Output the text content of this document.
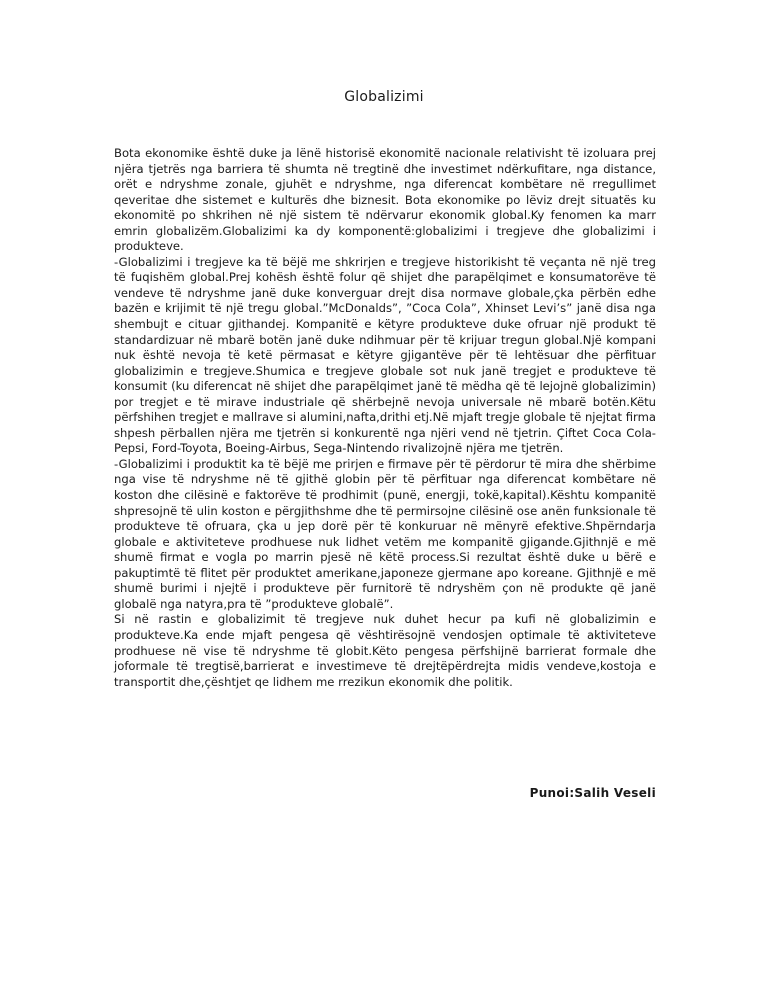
Globalizimi

Bota ekonomike është duke ja lënë historisë ekonomitë nacionale relativisht të izoluara prej njëra tjetrës nga barriera të shumta në tregtinë dhe investimet ndërkufitare, nga distance, orët e ndryshme zonale, gjuhët e ndryshme, nga diferencat kombëtare në rregullimet qeveritae dhe sistemet e kulturës dhe biznesit. Bota ekonomike po lëviz drejt situatës ku ekonomitë po shkrihen në një sistem të ndërvarur ekonomik global.Ky fenomen ka marr emrin globalizëm.Globalizimi ka dy komponentë:globalizimi i tregjeve dhe globalizimi i produkteve.

-Globalizimi i tregjeve ka të bëjë me shkrirjen e tregjeve historikisht të veçanta në një treg të fuqishëm global.Prej kohësh është folur që shijet dhe parapëlqimet e konsumatorëve të vendeve të ndryshme janë duke konverguar drejt disa normave globale,çka përbën edhe bazën e krijimit të një tregu global.”McDonalds”, ”Coca Cola”, Xhinset Levi’s” janë disa nga shembujt e cituar gjithandej. Kompanitë e këtyre produkteve duke ofruar një produkt të standardizuar në mbarë botën janë duke ndihmuar për të krijuar tregun global.Një kompani nuk është nevoja të ketë përmasat e këtyre gjigantëve për të lehtësuar dhe përfituar globalizimin e tregjeve.Shumica e tregjeve globale sot nuk janë tregjet e produkteve të konsumit (ku diferencat në shijet dhe parapëlqimet janë të mëdha që të lejojnë globalizimin) por tregjet e të mirave industriale që shërbejnë nevoja universale në mbarë botën.Këtu përfshihen tregjet e mallrave si alumini,nafta,drithi etj.Në mjaft tregje globale të njejtat firma shpesh përballen njëra me tjetrën si konkurentë nga njëri vend në tjetrin. Çiftet Coca Cola-Pepsi, Ford-Toyota, Boeing-Airbus, Sega-Nintendo rivalizojnë njëra me tjetrën.

-Globalizimi i produktit ka të bëjë me prirjen e firmave për të përdorur të mira dhe shërbime nga vise të ndryshme në të gjithë globin për të përfituar nga diferencat kombëtare në koston dhe cilësinë e faktorëve të prodhimit (punë, energji, tokë,kapital).Kështu kompanitë shpresojnë të ulin koston e përgjithshme dhe të permirsojne cilësinë ose anën funksionale të produkteve të ofruara, çka u jep dorë për të konkuruar në mënyrë efektive.Shpërndarja globale e aktiviteteve prodhuese nuk lidhet vetëm me kompanitë gjigande.Gjithnjë e më shumë firmat e vogla po marrin pjesë në këtë process.Si rezultat është duke u bërë e pakuptimtë të flitet për produktet amerikane,japoneze gjermane apo koreane. Gjithnjë e më shumë burimi i njejtë i produkteve për furnitorë të ndryshëm çon në produkte që janë globalë nga natyra,pra të ”produkteve globalë”.

Si në rastin e globalizimit të tregjeve nuk duhet hecur pa kufi në globalizimin e produkteve.Ka ende mjaft pengesa që vështirësojnë vendosjen optimale të aktiviteteve prodhuese në vise të ndryshme të globit.Këto pengesa përfshijnë barrierat formale dhe joformale të tregtisë,barrierat e investimeve të drejtëpërdrejta midis vendeve,kostoja e transportit dhe,çështjet qe lidhem me rrezikun ekonomik dhe politik.

Punoi:Salih Veseli
